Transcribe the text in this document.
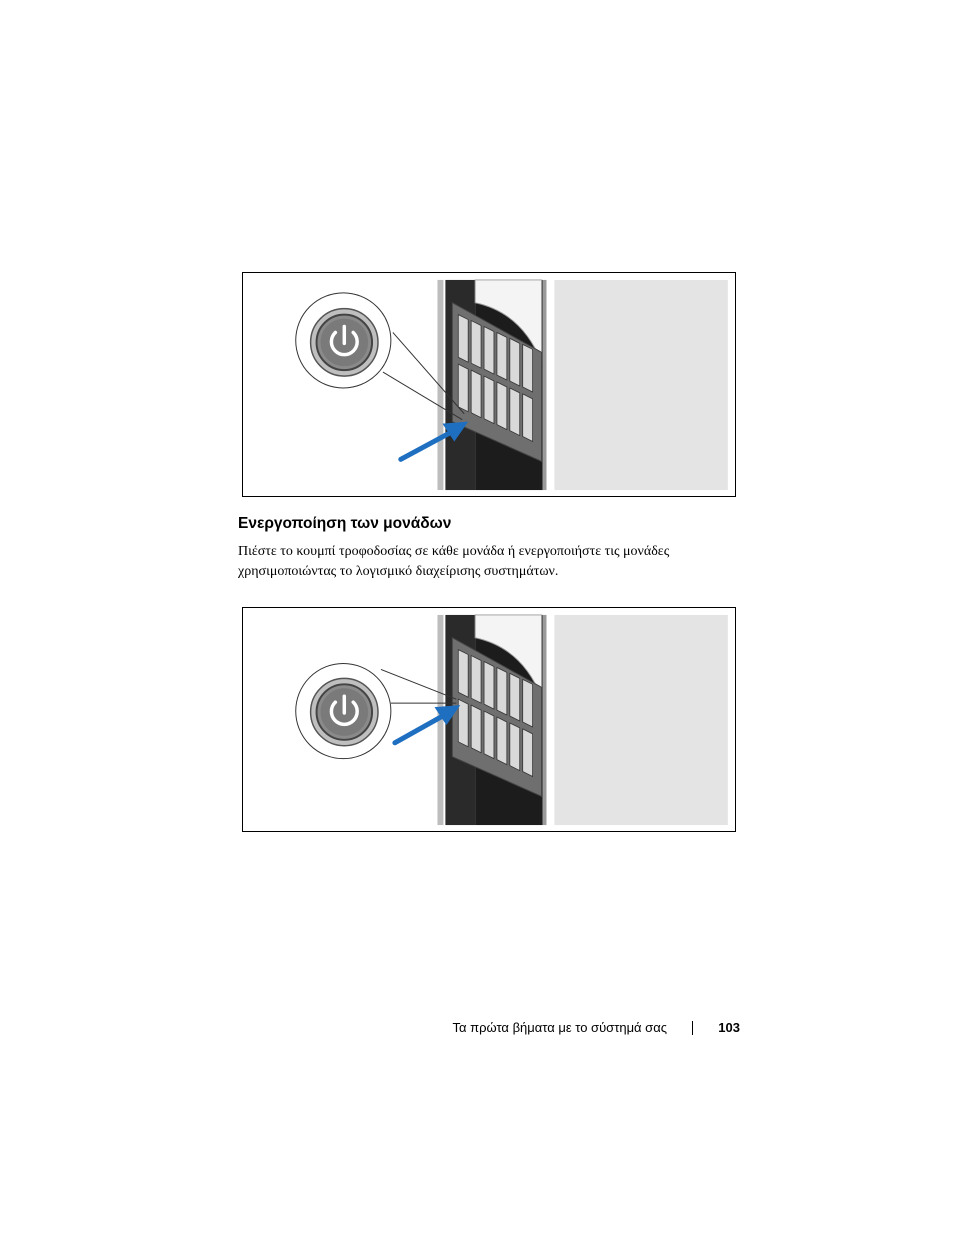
Ενεργοποίηση των μονάδων

Πιέστε το κουμπί τροφοδοσίας σε κάθε μονάδα ή ενεργοποιήστε τις μονάδες
χρησιμοποιώντας το λογισμικό διαχείρισης συστημάτων.

Τα πρώτα βήματα με το σύστημά σας	103
